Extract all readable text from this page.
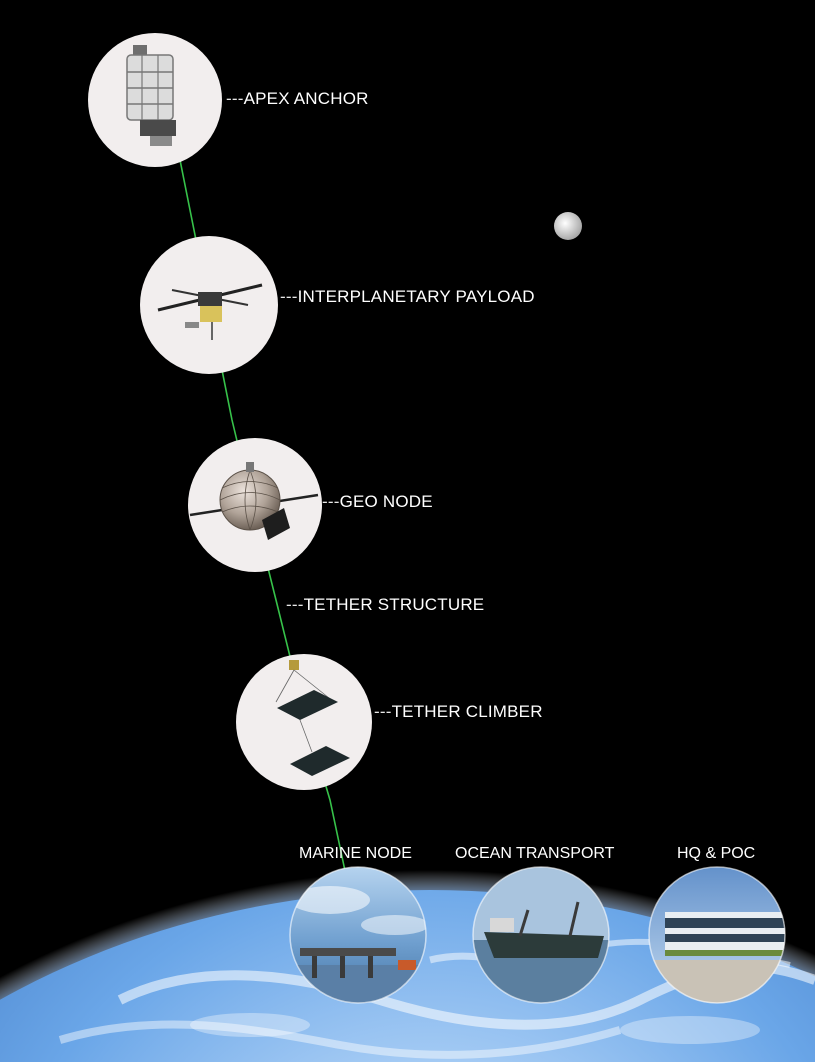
---APEX ANCHOR
---INTERPLANETARY PAYLOAD
---GEO NODE
---TETHER STRUCTURE
---TETHER CLIMBER
MARINE NODE	OCEAN TRANSPORT	HQ & POC
